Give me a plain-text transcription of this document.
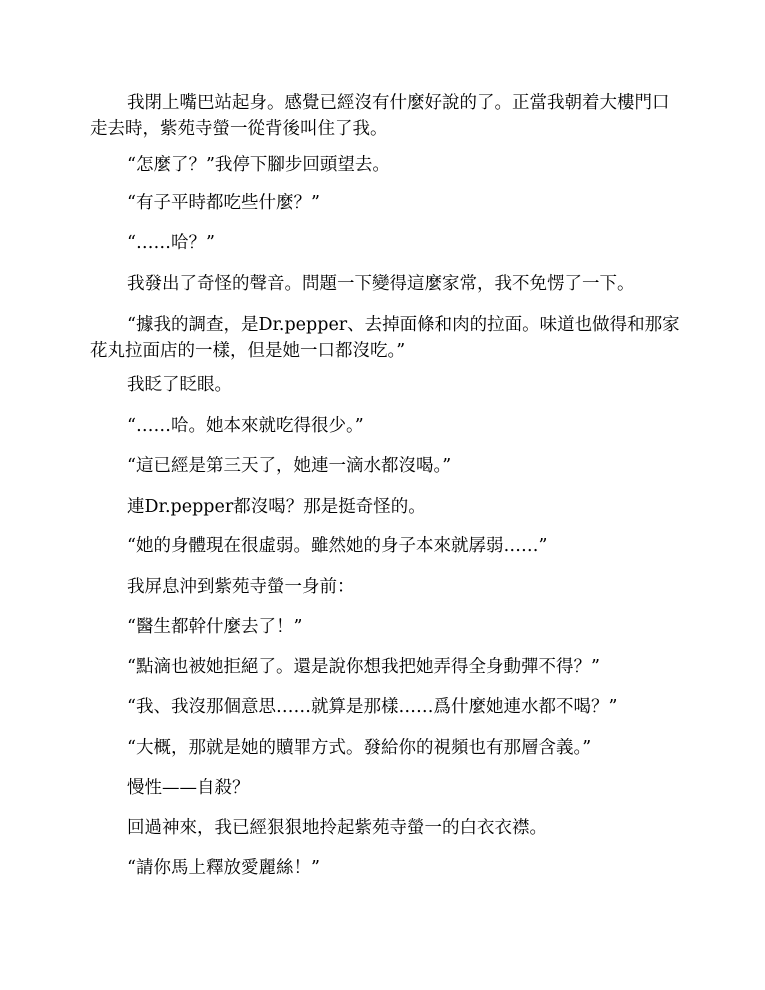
我閉上嘴巴站起身。感覺已經沒有什麼好說的了。正當我朝着大樓門口走去時，紫苑寺螢一從背後叫住了我。

“怎麼了？”我停下腳步回頭望去。

“有子平時都吃些什麼？”

“……哈？”

我發出了奇怪的聲音。問題一下變得這麼家常，我不免愣了一下。

“據我的調查，是Dr.pepper、去掉面條和肉的拉面。味道也做得和那家花丸拉面店的一樣，但是她一口都沒吃。”

我眨了眨眼。

“……哈。她本來就吃得很少。”

“這已經是第三天了，她連一滴水都沒喝。”

連Dr.pepper都沒喝？那是挺奇怪的。

“她的身體現在很虛弱。雖然她的身子本來就孱弱……”

我屏息沖到紫苑寺螢一身前：

“醫生都幹什麼去了！”

“點滴也被她拒絕了。還是說你想我把她弄得全身動彈不得？”

“我、我沒那個意思……就算是那樣……爲什麼她連水都不喝？”

“大概，那就是她的贖罪方式。發給你的視頻也有那層含義。”

慢性——自殺？

回過神來，我已經狠狠地拎起紫苑寺螢一的白衣衣襟。

“請你馬上釋放愛麗絲！”
